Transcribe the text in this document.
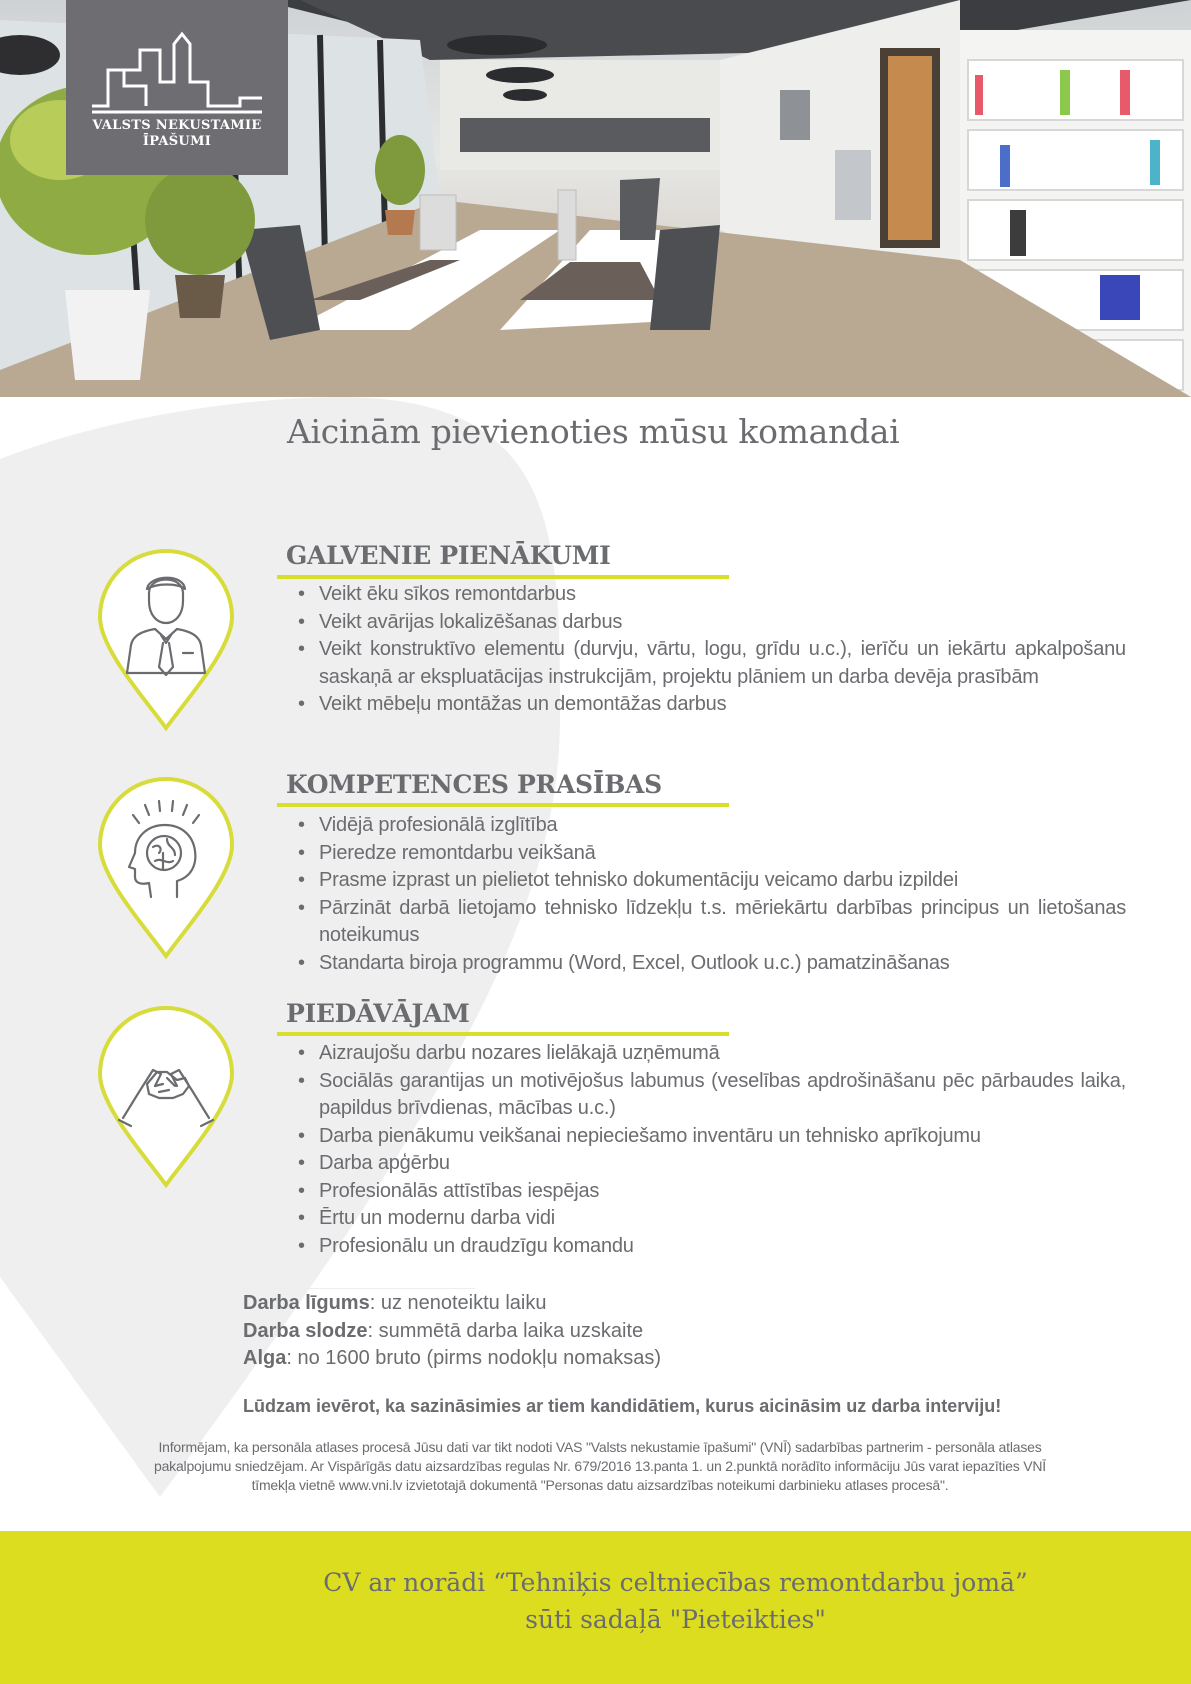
VALSTS NEKUSTAMIE
ĪPAŠUMI
Aicinām pievienoties mūsu komandai
GALVENIE PIENĀKUMI
• Veikt ēku sīkos remontdarbus
• Veikt avārijas lokalizēšanas darbus
• Veikt konstruktīvo elementu (durvju, vārtu, logu, grīdu u.c.), ierīču un iekārtu apkalpošanu saskaņā ar ekspluatācijas instrukcijām, projektu plāniem un darba devēja prasībām
• Veikt mēbeļu montāžas un demontāžas darbus
KOMPETENCES PRASĪBAS
• Vidējā profesionālā izglītība
• Pieredze remontdarbu veikšanā
• Prasme izprast un pielietot tehnisko dokumentāciju veicamo darbu izpildei
• Pārzināt darbā lietojamo tehnisko līdzekļu t.s. mēriekārtu darbības principus un lietošanas noteikumus
• Standarta biroja programmu (Word, Excel, Outlook u.c.) pamatzināšanas
PIEDĀVĀJAM
• Aizraujošu darbu nozares lielākajā uzņēmumā
• Sociālās garantijas un motivējošus labumus (veselības apdrošināšanu pēc pārbaudes laika, papildus brīvdienas, mācības u.c.)
• Darba pienākumu veikšanai nepieciešamo inventāru un tehnisko aprīkojumu
• Darba apģērbu
• Profesionālās attīstības iespējas
• Ērtu un modernu darba vidi
• Profesionālu un draudzīgu komandu
Darba līgums: uz nenoteiktu laiku
Darba slodze: summētā darba laika uzskaite
Alga: no 1600 bruto (pirms nodokļu nomaksas)
Lūdzam ievērot, ka sazināsimies ar tiem kandidātiem, kurus aicināsim uz darba interviju!
Informējam, ka personāla atlases procesā Jūsu dati var tikt nodoti VAS "Valsts nekustamie īpašumi" (VNĪ) sadarbības partnerim - personāla atlases
pakalpojumu sniedzējam. Ar Vispārīgās datu aizsardzības regulas Nr. 679/2016 13.panta 1. un 2.punktā norādīto informāciju Jūs varat iepazīties VNĪ
tīmekļa vietnē www.vni.lv izvietotajā dokumentā "Personas datu aizsardzības noteikumi darbinieku atlases procesā".
CV ar norādi “Tehniķis celtniecības remontdarbu jomā”
sūti sadaļā "Pieteikties"
